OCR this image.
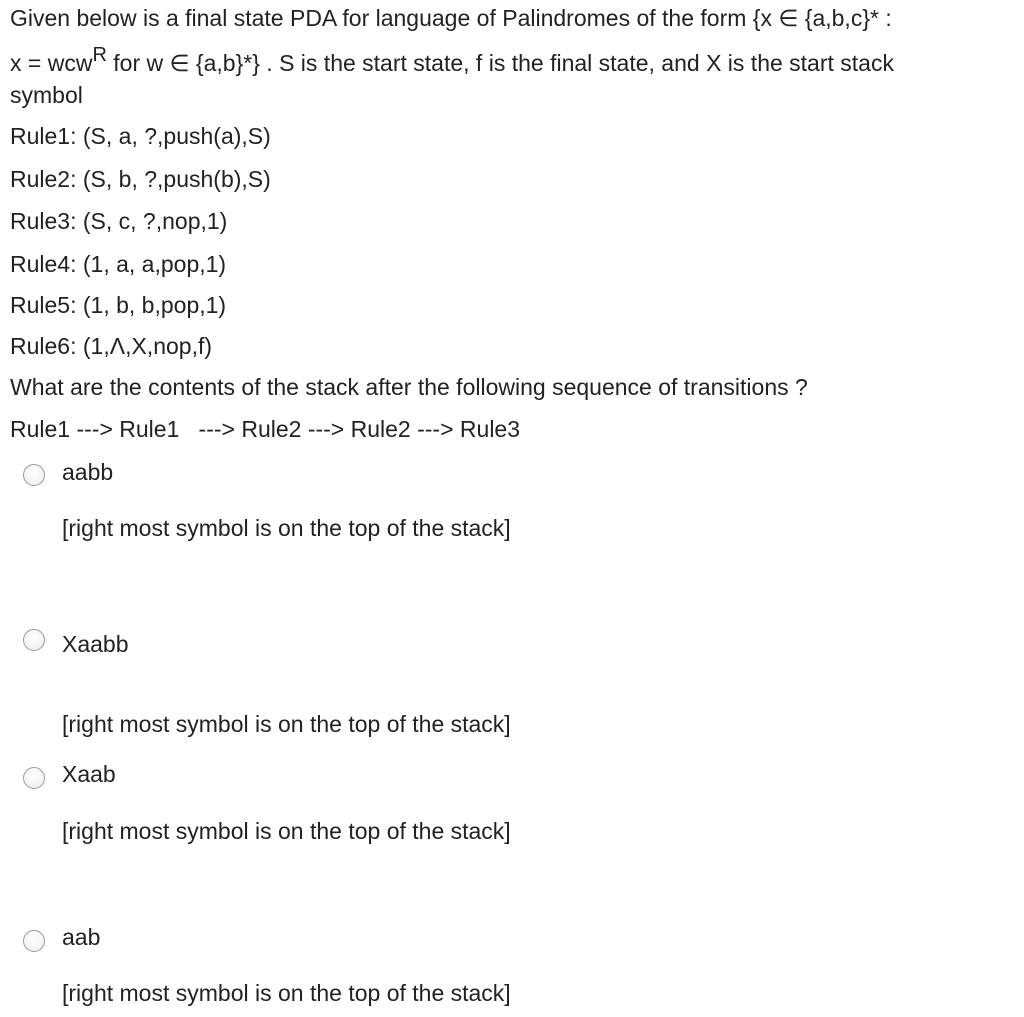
Given below is a final state PDA for language of Palindromes of the form {x ∈ {a,b,c}* :
x = wcwR for w ∈ {a,b}*} . S is the start state, f is the final state, and X is the start stack
symbol
Rule1: (S, a, ?,push(a),S)
Rule2: (S, b, ?,push(b),S)
Rule3: (S, c, ?,nop,1)
Rule4: (1, a, a,pop,1)
Rule5: (1, b, b,pop,1)
Rule6: (1,Λ,X,nop,f)
What are the contents of the stack after the following sequence of transitions ?
Rule1 ---> Rule1   ---> Rule2 ---> Rule2 ---> Rule3
aabb
[right most symbol is on the top of the stack]
Xaabb
[right most symbol is on the top of the stack]
Xaab
[right most symbol is on the top of the stack]
aab
[right most symbol is on the top of the stack]
